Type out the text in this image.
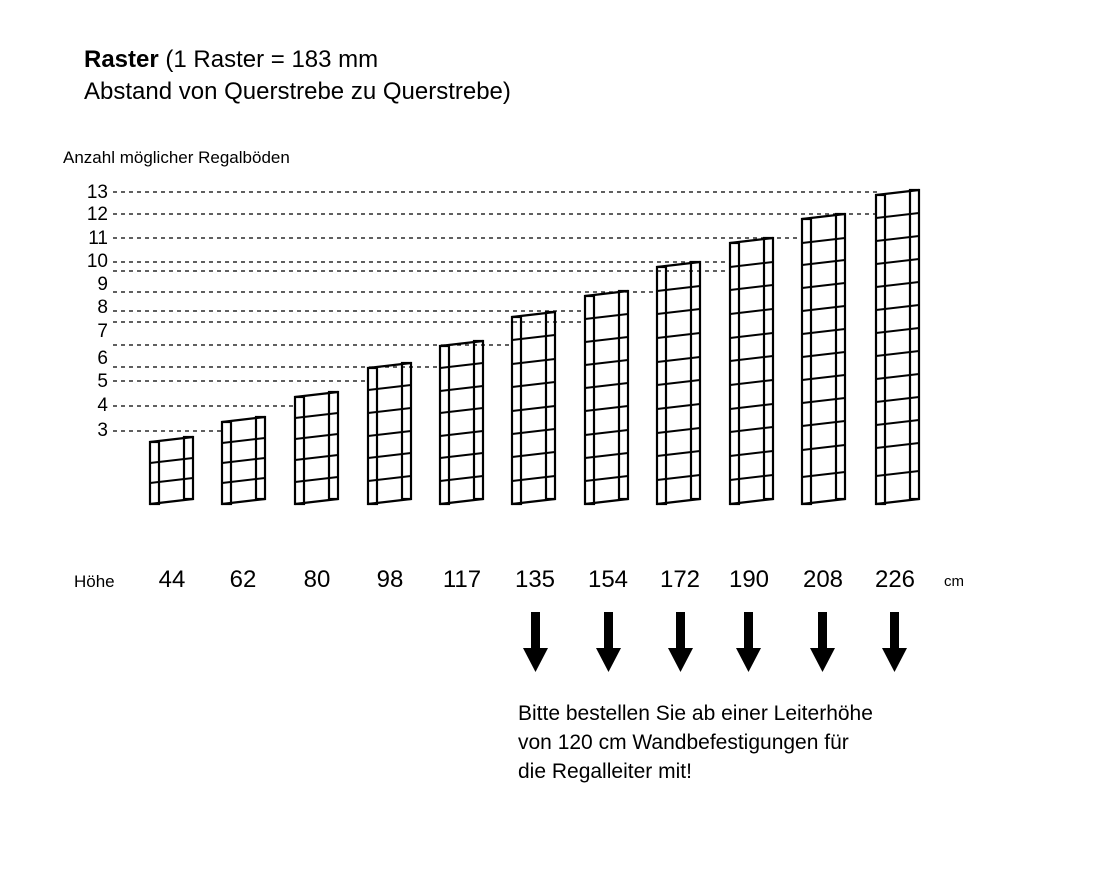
Raster (1 Raster = 183 mm
Abstand von Querstrebe zu Querstrebe)
Anzahl möglicher Regalböden
13
12
11
10
9
8
7
6
5
4
3
Höhe	44	62	80	98	117	135	154	172	190	208	226	cm
Bitte bestellen Sie ab einer Leiterhöhe
von 120 cm Wandbefestigungen für
die Regalleiter mit!
